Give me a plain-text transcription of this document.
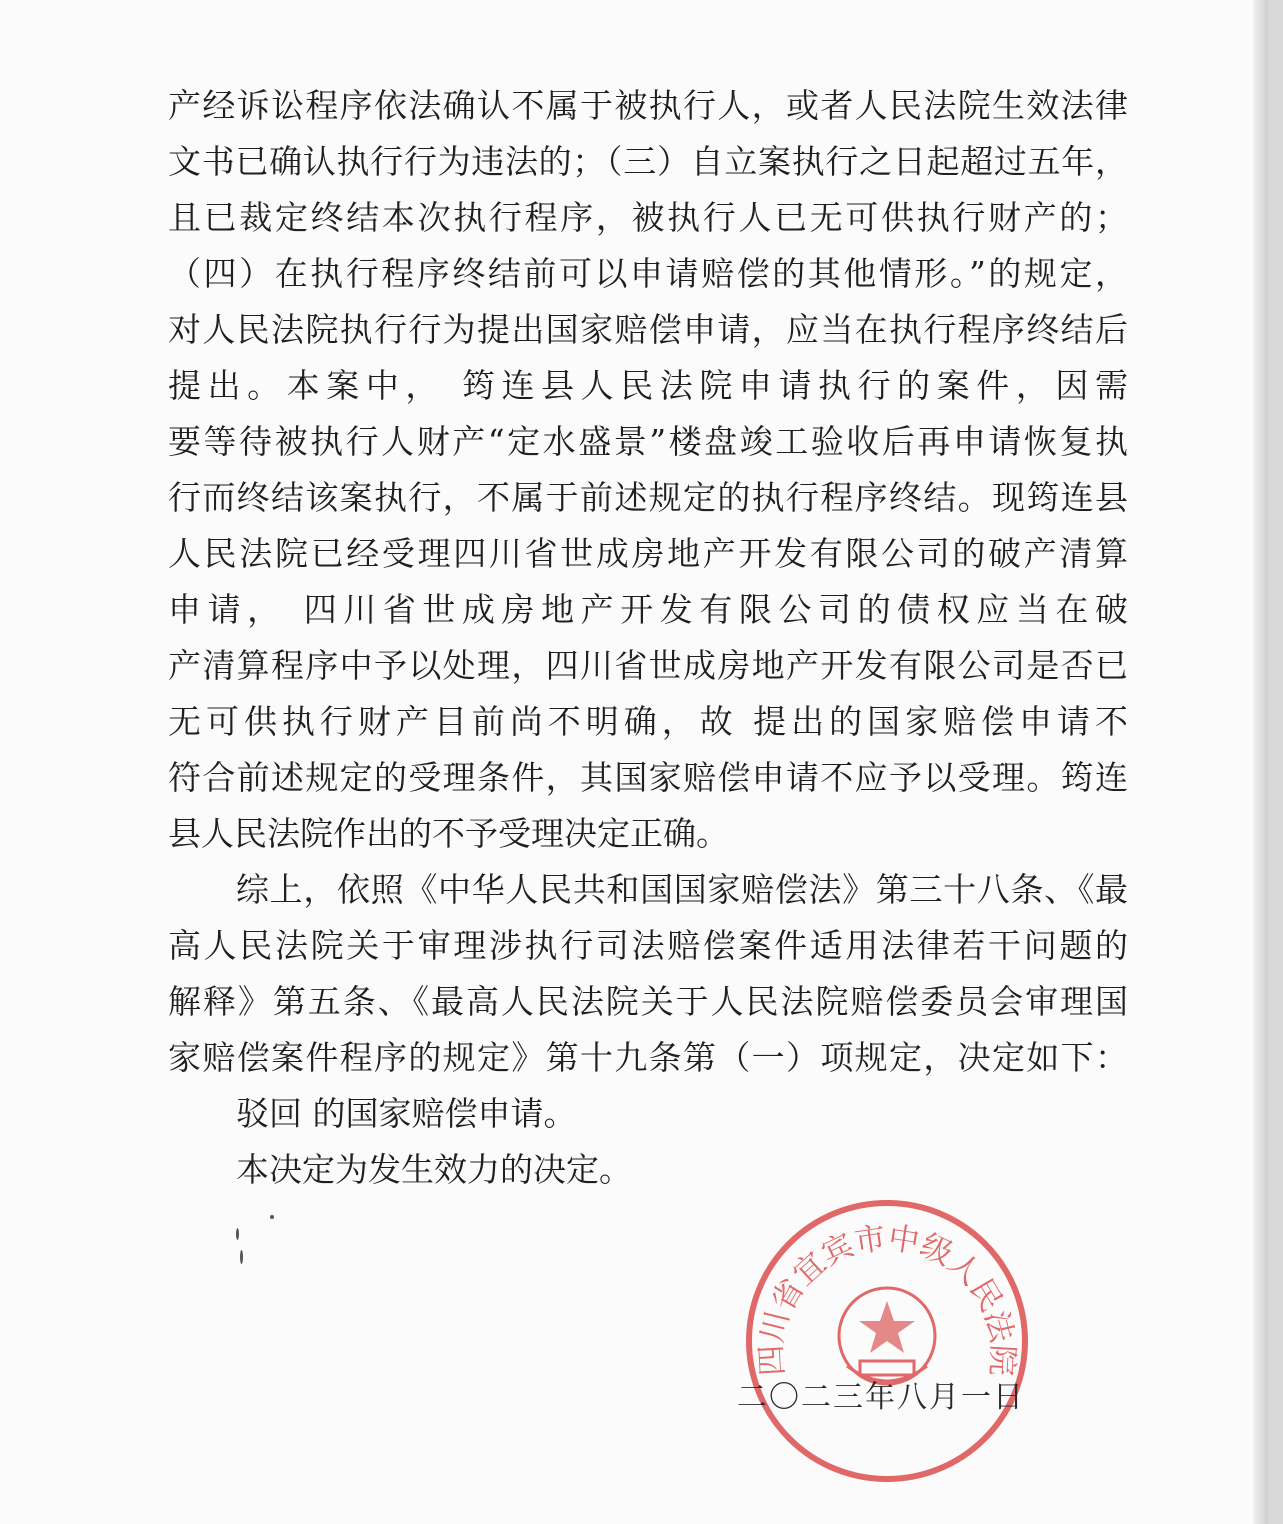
产经诉讼程序依法确认不属于被执行人，或者人民法院生效法律
文书已确认执行行为违法的；（三）自立案执行之日起超过五年，
且已裁定终结本次执行程序，被执行人已无可供执行财产的；
（四）在执行程序终结前可以申请赔偿的其他情形。”的规定，
对人民法院执行行为提出国家赔偿申请，应当在执行程序终结后
提出。本案中， 筠连县人民法院申请执行的案件，因需
要等待被执行人财产“定水盛景”楼盘竣工验收后再申请恢复执
行而终结该案执行，不属于前述规定的执行程序终结。现筠连县
人民法院已经受理四川省世成房地产开发有限公司的破产清算
申请， 四川省世成房地产开发有限公司的债权应当在破
产清算程序中予以处理，四川省世成房地产开发有限公司是否已
无可供执行财产目前尚不明确，故 提出的国家赔偿申请不
符合前述规定的受理条件，其国家赔偿申请不应予以受理。筠连
县人民法院作出的不予受理决定正确。
综上，依照《中华人民共和国国家赔偿法》第三十八条、《最
高人民法院关于审理涉执行司法赔偿案件适用法律若干问题的
解释》第五条、《最高人民法院关于人民法院赔偿委员会审理国
家赔偿案件程序的规定》第十九条第（一）项规定，决定如下：
驳回 的国家赔偿申请。
本决定为发生效力的决定。
四川省宜宾市中级人民法院
二〇二三年八月一日
